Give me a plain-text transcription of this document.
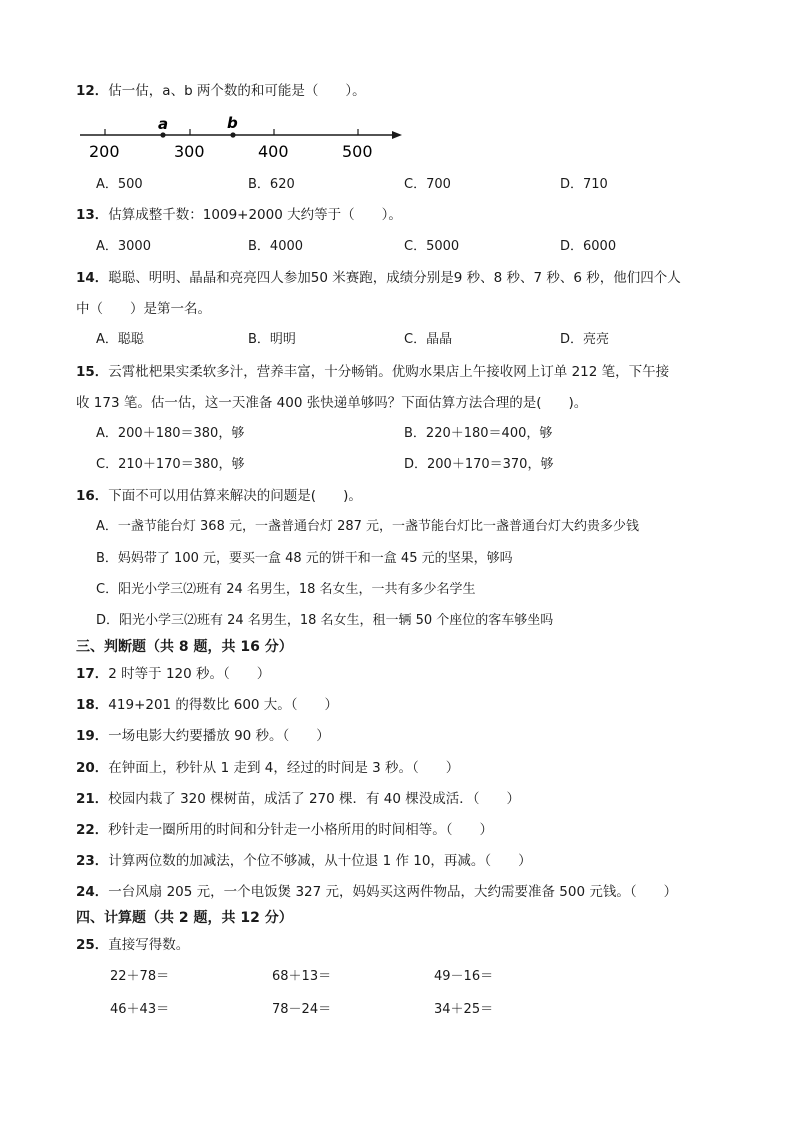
12．估一估，a、b 两个数的和可能是（　　）。
a	b
200	300	400	500
A．500	B．620	C．700	D．710
13．估算成整千数：1009+2000 大约等于（　　）。
A．3000	B．4000	C．5000	D．6000
14．聪聪、明明、晶晶和亮亮四人参加50 米赛跑，成绩分别是9 秒、8 秒、7 秒、6 秒，他们四个人
中（　　）是第一名。
A．聪聪	B．明明	C．晶晶	D．亮亮
15．云霄枇杷果实柔软多汁，营养丰富，十分畅销。优购水果店上午接收网上订单 212 笔，下午接
收 173 笔。估一估，这一天准备 400 张快递单够吗？下面估算方法合理的是(　　)。
A．200＋180＝380，够	B．220＋180＝400，够
C．210＋170＝380，够	D．200＋170＝370，够
16．下面不可以用估算来解决的问题是(　　)。
A．一盏节能台灯 368 元，一盏普通台灯 287 元，一盏节能台灯比一盏普通台灯大约贵多少钱
B．妈妈带了 100 元，要买一盒 48 元的饼干和一盒 45 元的坚果，够吗
C．阳光小学三⑵班有 24 名男生，18 名女生，一共有多少名学生
D．阳光小学三⑵班有 24 名男生，18 名女生，租一辆 50 个座位的客车够坐吗
三、判断题（共 8 题，共 16 分）
17．2 时等于 120 秒。（　　）
18．419+201 的得数比 600 大。（　　）
19．一场电影大约要播放 90 秒。（　　）
20．在钟面上，秒针从 1 走到 4，经过的时间是 3 秒。（　　）
21．校园内栽了 320 棵树苗，成活了 270 棵．有 40 棵没成活．（　　）
22．秒针走一圈所用的时间和分针走一小格所用的时间相等。（　　）
23．计算两位数的加减法，个位不够减，从十位退 1 作 10，再减。（　　）
24．一台风扇 205 元，一个电饭煲 327 元，妈妈买这两件物品，大约需要准备 500 元钱。（　　）
四、计算题（共 2 题，共 12 分）
25．直接写得数。
22＋78＝	68＋13＝	49－16＝
46＋43＝	78－24＝	34＋25＝
